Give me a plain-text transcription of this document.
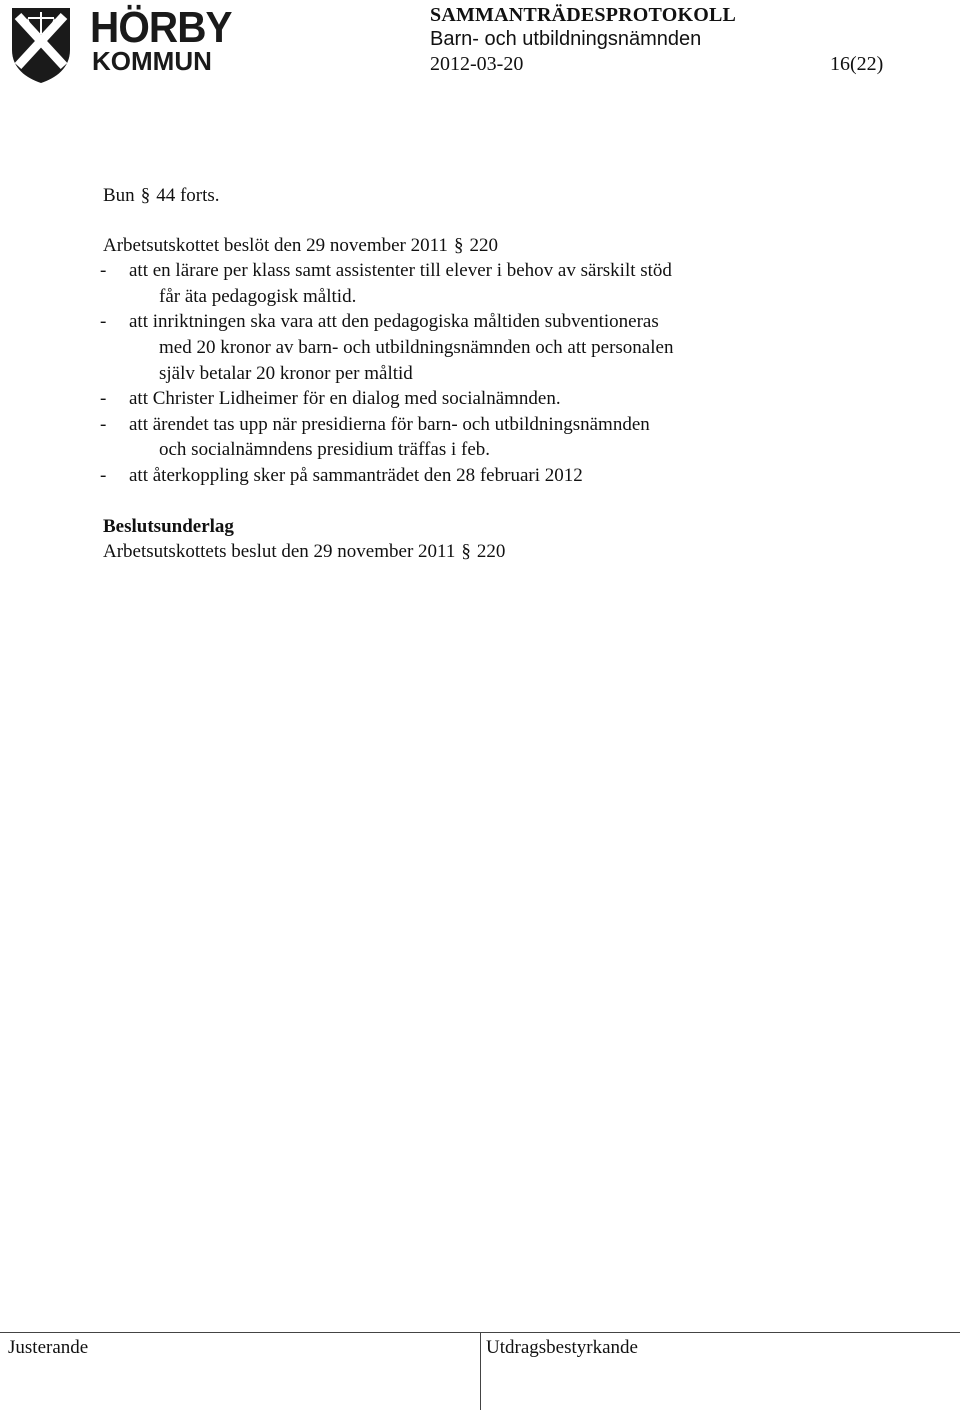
HÖRBY
KOMMUN
SAMMANTRÄDESPROTOKOLL
Barn- och utbildningsnämnden
2012-03-20	16(22)

Bun § 44 forts.

Arbetsutskottet beslöt den 29 november 2011 § 220

- att en lärare per klass samt assistenter till elever i behov av särskilt stöd
får äta pedagogisk måltid.
- att inriktningen ska vara att den pedagogiska måltiden subventioneras
med 20 kronor av barn- och utbildningsnämnden och att personalen
själv betalar 20 kronor per måltid
- att Christer Lidheimer för en dialog med socialnämnden.
- att ärendet tas upp när presidierna för barn- och utbildningsnämnden
och socialnämndens presidium träffas i feb.
- att återkoppling sker på sammanträdet den 28 februari 2012

Beslutsunderlag

Arbetsutskottets beslut den 29 november 2011 § 220

Justerande	Utdragsbestyrkande
